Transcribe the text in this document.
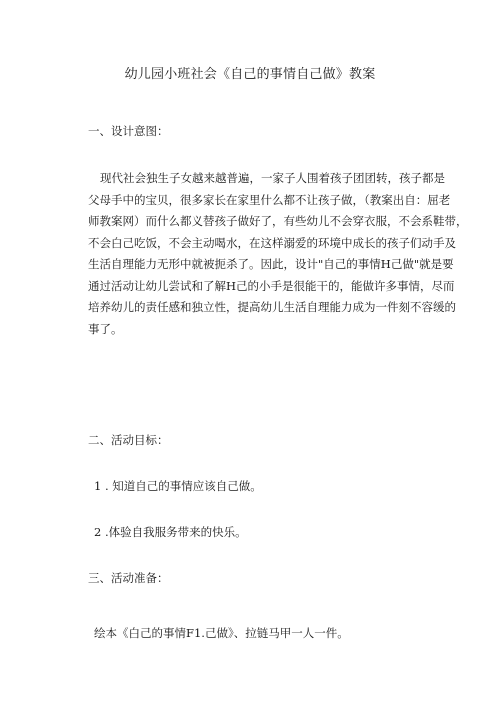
幼儿园小班社会《自己的事情自己做》教案
一、设计意图：
现代社会独生子女越来越普遍，一家子人围着孩子团团转，孩子都是
父母手中的宝贝，很多家长在家里什么都不让孩子做，（教案出自：屈老
师教案网）而什么都义替孩子做好了，有些幼儿不会穿衣服，不会系鞋带，
不会白己吃饭，不会主动喝水，在这样溺爱的环境中成长的孩子们动手及
生活自理能力无形中就被扼杀了。因此，设计"自己的事情H己做"就是要
通过活动让幼儿尝试和了解H己的小手是很能干的，能做许多事情，尽而
培养幼儿的责任感和独立性，提高幼儿生活自理能力成为一件刻不容缓的
事了。
二、活动目标：
1 . 知道自己的事情应该自己做。
2 .体验自我服务带来的快乐。
三、活动准备：
绘本《白己的事情F1.己做》、拉链马甲一人一件。
